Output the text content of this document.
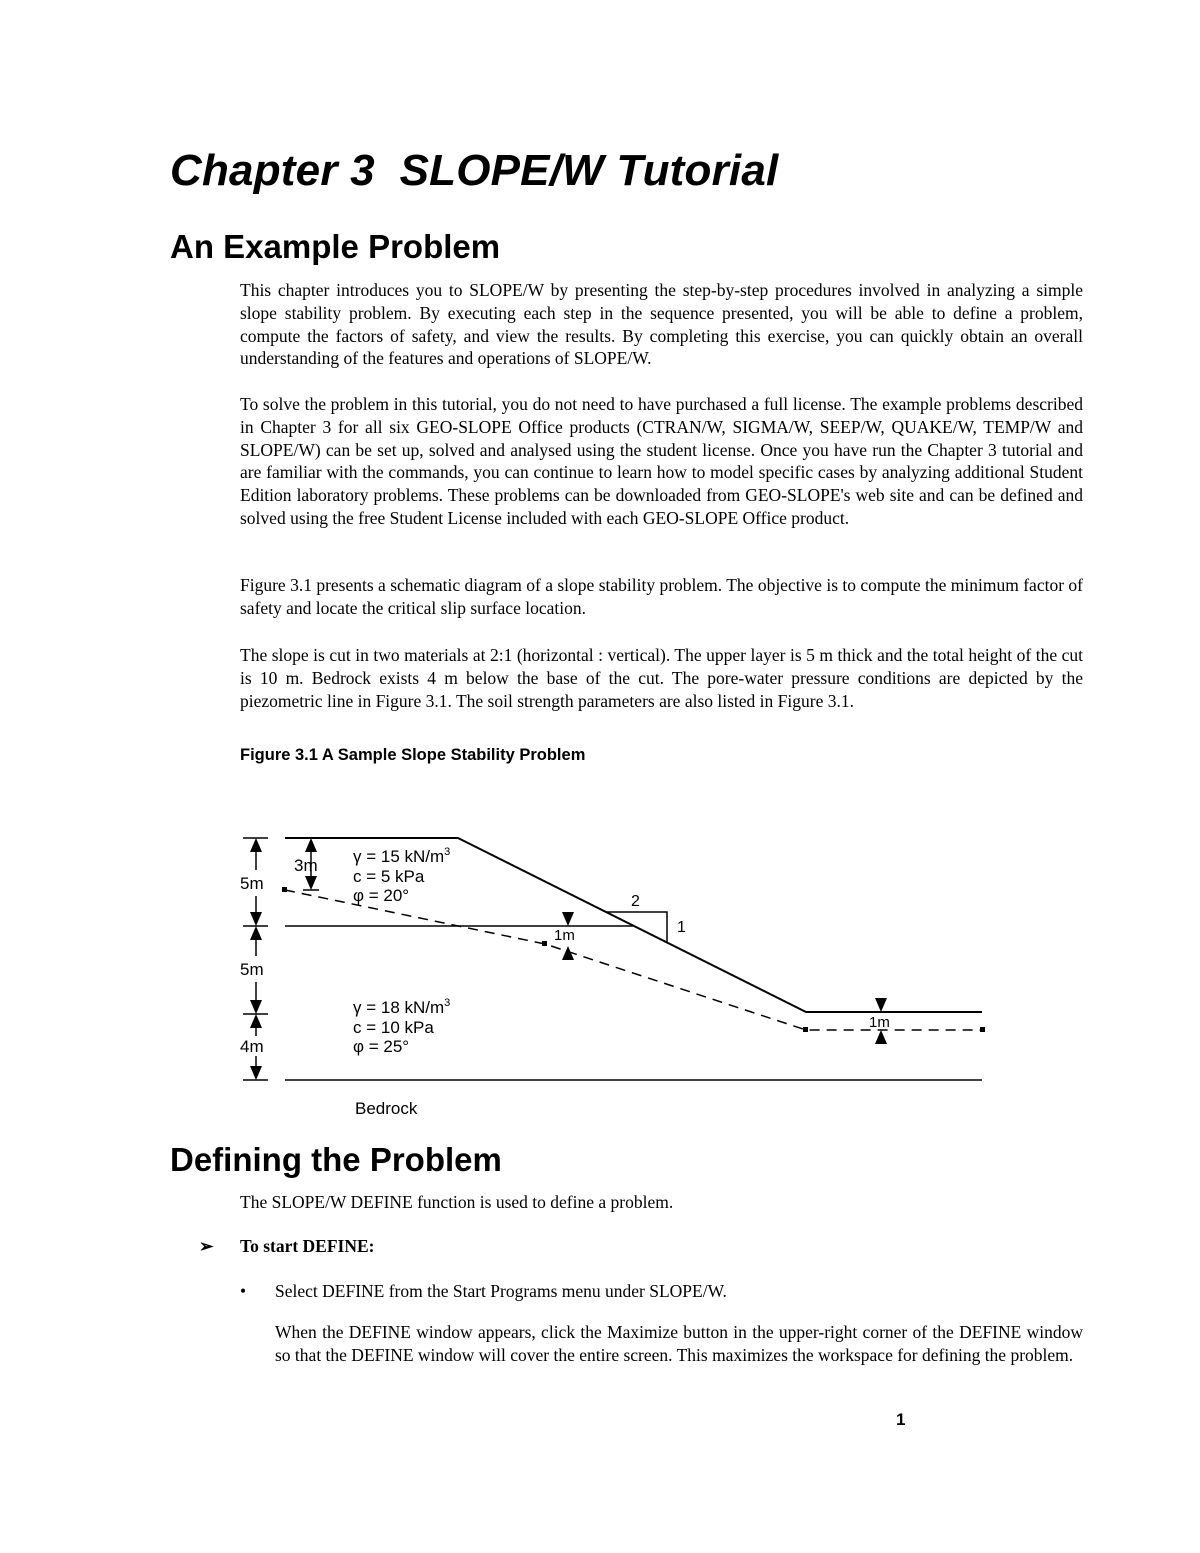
Chapter 3  SLOPE/W Tutorial
An Example Problem

This chapter introduces you to SLOPE/W by presenting the step-by-step procedures involved in analyzing a simple slope stability problem. By executing each step in the sequence presented, you will be able to define a problem, compute the factors of safety, and view the results. By completing this exercise, you can quickly obtain an overall understanding of the features and operations of SLOPE/W.

To solve the problem in this tutorial, you do not need to have purchased a full license. The example problems described in Chapter 3 for all six GEO-SLOPE Office products (CTRAN/W, SIGMA/W, SEEP/W, QUAKE/W, TEMP/W and SLOPE/W) can be set up, solved and analysed using the student license. Once you have run the Chapter 3 tutorial and are familiar with the commands, you can continue to learn how to model specific cases by analyzing additional Student Edition laboratory problems. These problems can be downloaded from GEO-SLOPE's web site and can be defined and solved using the free Student License included with each GEO-SLOPE Office product.

Figure 3.1 presents a schematic diagram of a slope stability problem. The objective is to compute the minimum factor of safety and locate the critical slip surface location.

The slope is cut in two materials at 2:1 (horizontal : vertical). The upper layer is 5 m thick and the total height of the cut is 10 m. Bedrock exists 4 m below the base of the cut. The pore-water pressure conditions are depicted by the piezometric line in Figure 3.1. The soil strength parameters are also listed in Figure 3.1.

Figure 3.1 A Sample Slope Stability Problem

5m
5m
4m
3m
1m
1m
γ = 15 $kN/m^3$
c = 5 kPa
φ = 20°
γ = 18 $kN/m^3$
c = 10 kPa
φ = 25°
2
1
Bedrock
Defining the Problem

The SLOPE/W DEFINE function is used to define a problem.

➢ To start DEFINE:

• Select DEFINE from the Start Programs menu under SLOPE/W.

When the DEFINE window appears, click the Maximize button in the upper-right corner of the DEFINE window so that the DEFINE window will cover the entire screen. This maximizes the workspace for defining the problem.

1
